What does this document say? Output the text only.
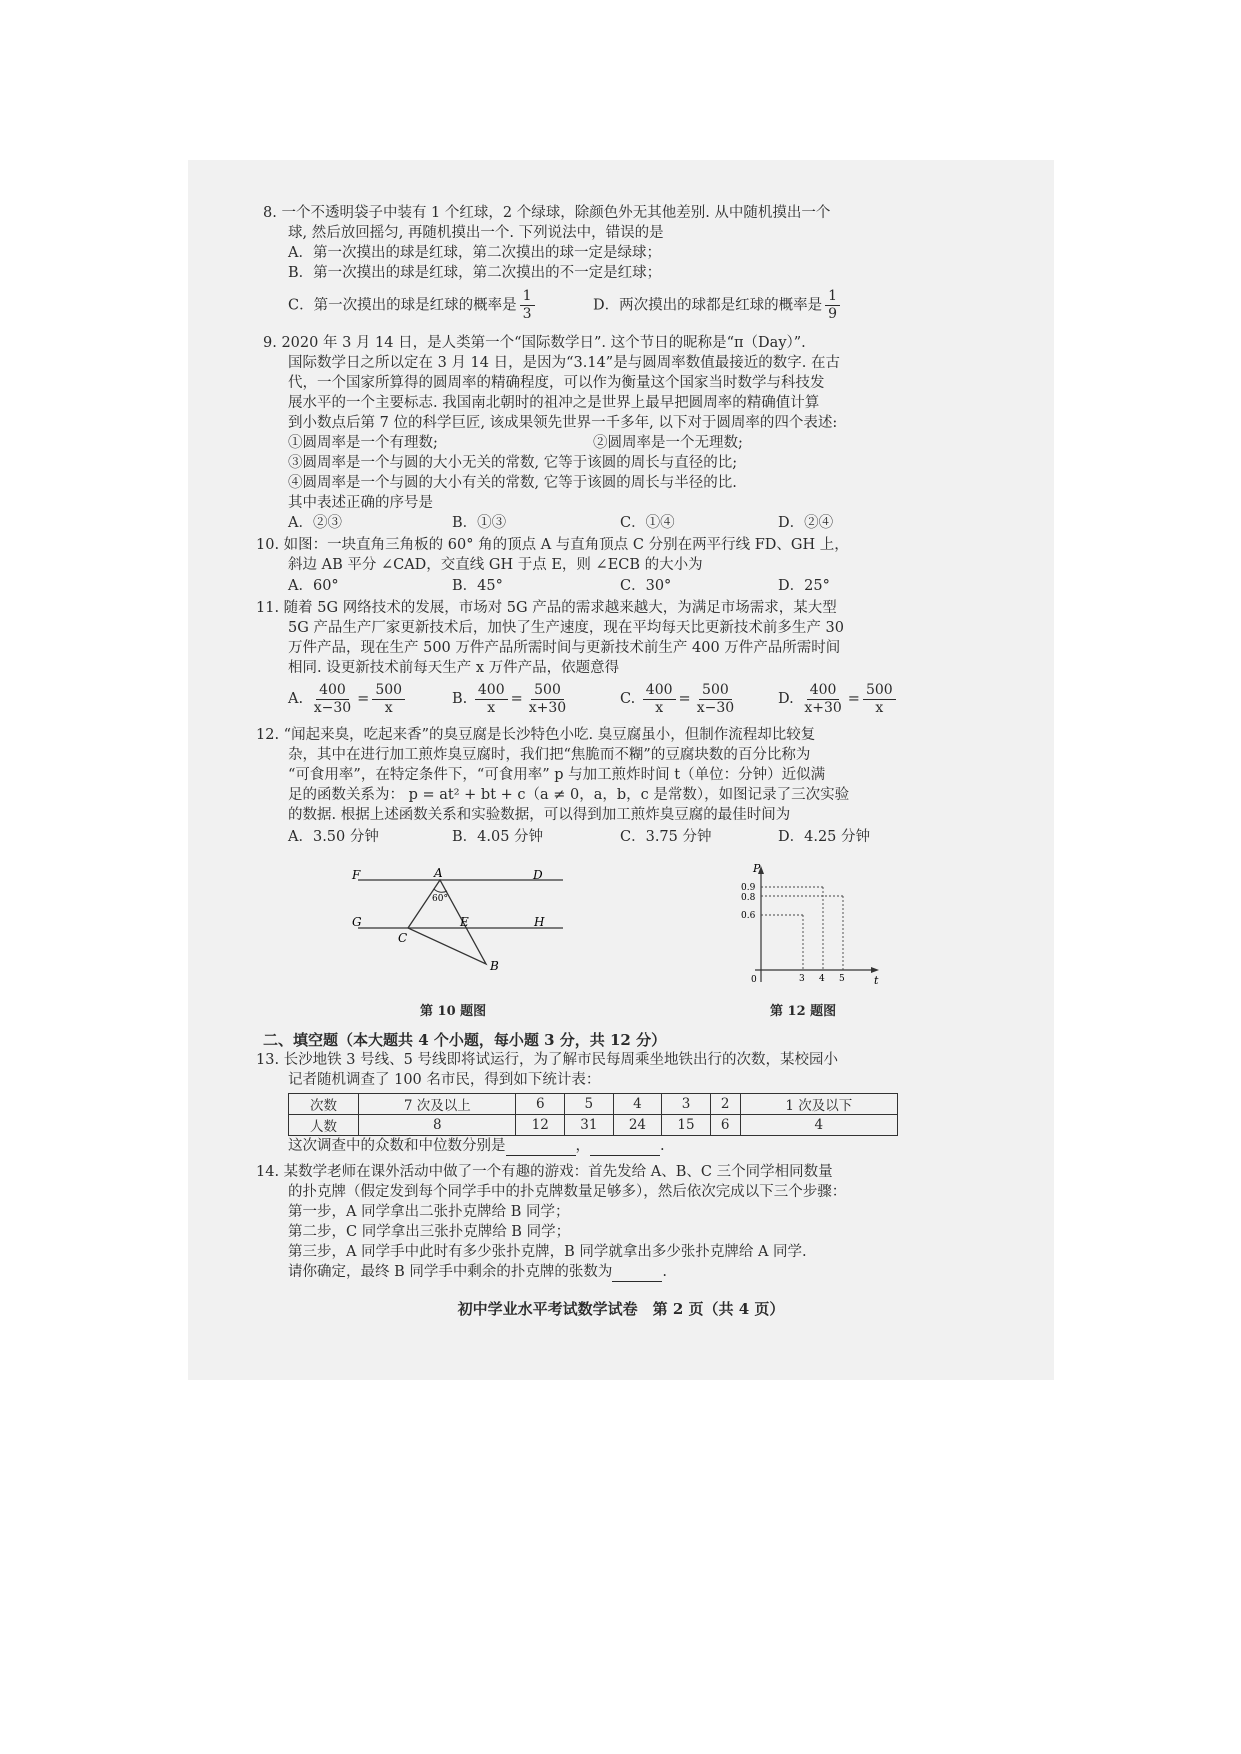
8. 一个不透明袋子中装有 1 个红球，2 个绿球，除颜色外无其他差别. 从中随机摸出一个
球, 然后放回摇匀, 再随机摸出一个. 下列说法中，错误的是
A．第一次摸出的球是红球，第二次摸出的球一定是绿球；
B．第一次摸出的球是红球，第二次摸出的不一定是红球；
C．第一次摸出的球是红球的概率是 $\frac{1}{3}$	D．两次摸出的球都是红球的概率是 $\frac{1}{9}$
9. 2020 年 3 月 14 日，是人类第一个“国际数学日”. 这个节日的昵称是“π（Day）”.
国际数学日之所以定在 3 月 14 日，是因为“3.14”是与圆周率数值最接近的数字. 在古
代，一个国家所算得的圆周率的精确程度，可以作为衡量这个国家当时数学与科技发
展水平的一个主要标志. 我国南北朝时的祖冲之是世界上最早把圆周率的精确值计算
到小数点后第 7 位的科学巨匠, 该成果领先世界一千多年, 以下对于圆周率的四个表述:
①圆周率是一个有理数;	②圆周率是一个无理数;
③圆周率是一个与圆的大小无关的常数, 它等于该圆的周长与直径的比;
④圆周率是一个与圆的大小有关的常数, 它等于该圆的周长与半径的比.
其中表述正确的序号是
A．②③	B．①③	C．①④	D．②④
10. 如图：一块直角三角板的 60° 角的顶点 A 与直角顶点 C 分别在两平行线 FD、GH 上，
斜边 AB 平分 ∠CAD，交直线 GH 于点 E，则 ∠ECB 的大小为
A．60°	B．45°	C．30°	D．25°
11. 随着 5G 网络技术的发展，市场对 5G 产品的需求越来越大，为满足市场需求，某大型
5G 产品生产厂家更新技术后，加快了生产速度，现在平均每天比更新技术前多生产 30
万件产品，现在生产 500 万件产品所需时间与更新技术前生产 400 万件产品所需时间
相同. 设更新技术前每天生产 x 万件产品，依题意得
A. $\frac{400}{x-30} = \frac{500}{x}$	B. $\frac{400}{x} = \frac{500}{x+30}$	C. $\frac{400}{x} = \frac{500}{x-30}$	D. $\frac{400}{x+30} = \frac{500}{x}$
12. “闻起来臭，吃起来香”的臭豆腐是长沙特色小吃. 臭豆腐虽小，但制作流程却比较复
杂，其中在进行加工煎炸臭豆腐时，我们把“焦脆而不糊”的豆腐块数的百分比称为
“可食用率”，在特定条件下，“可食用率” p 与加工煎炸时间 t（单位：分钟）近似满
足的函数关系为： p = at² + bt + c（a ≠ 0，a，b，c 是常数），如图记录了三次实验
的数据. 根据上述函数关系和实验数据，可以得到加工煎炸臭豆腐的最佳时间为
A．3.50 分钟	B．4.05 分钟	C．3.75 分钟	D．4.25 分钟
F	A	D
60°
G
C
E	H
B
第 10 题图
P
t
0
0.9
0.8
0.6
3 4 5
第 12 题图
二、填空题（本大题共 4 个小题，每小题 3 分，共 12 分）
13. 长沙地铁 3 号线、5 号线即将试运行，为了解市民每周乘坐地铁出行的次数，某校园小
记者随机调查了 100 名市民，得到如下统计表：
次数	7 次及以上	6	5	4	3	2	1 次及以下
人数	8	12	31	24	15	6	4
这次调查中的众数和中位数分别是	，	.
14. 某数学老师在课外活动中做了一个有趣的游戏：首先发给 A、B、C 三个同学相同数量
的扑克牌（假定发到每个同学手中的扑克牌数量足够多），然后依次完成以下三个步骤：
第一步，A 同学拿出二张扑克牌给 B 同学；
第二步，C 同学拿出三张扑克牌给 B 同学；
第三步，A 同学手中此时有多少张扑克牌，B 同学就拿出多少张扑克牌给 A 同学.
请你确定，最终 B 同学手中剩余的扑克牌的张数为	.
初中学业水平考试数学试卷　第 2 页（共 4 页）
